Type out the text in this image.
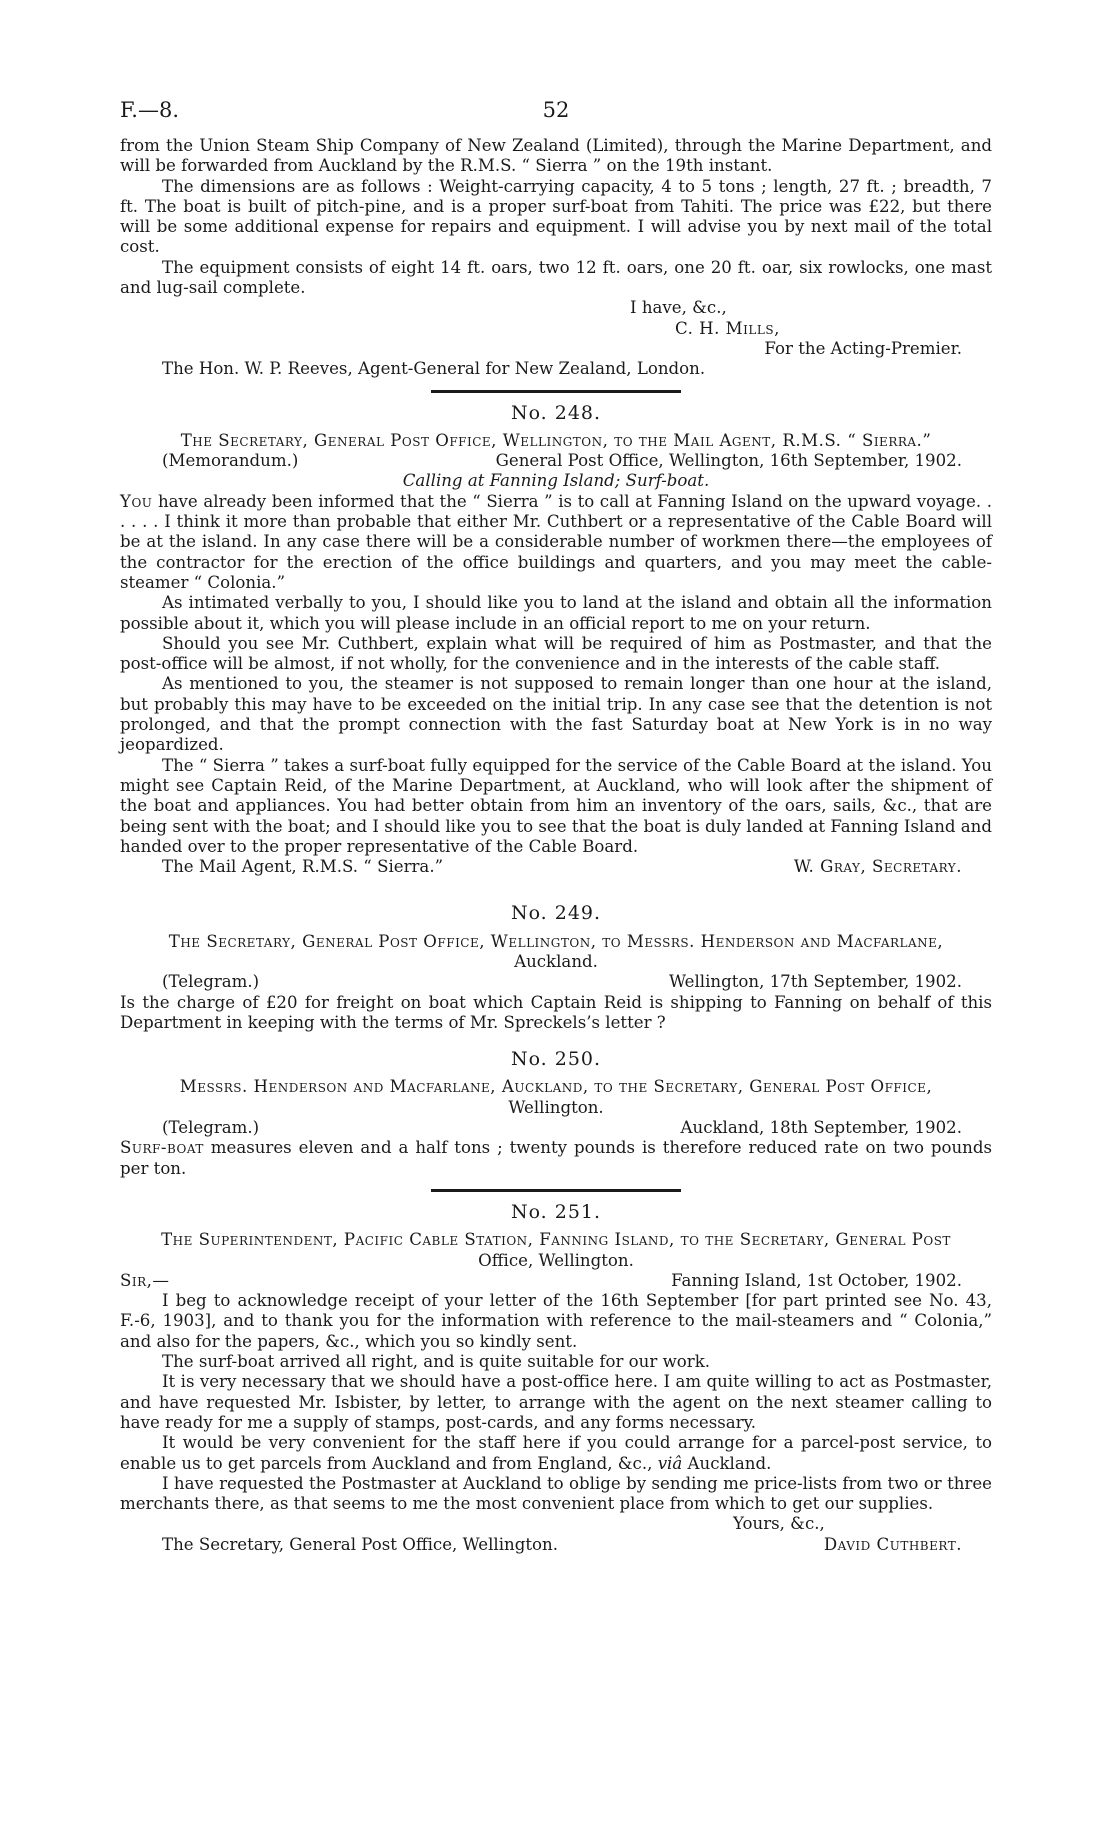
F.—8.	52

from the Union Steam Ship Company of New Zealand (Limited), through the Marine Department, and will be forwarded from Auckland by the R.M.S. “ Sierra ” on the 19th instant.

The dimensions are as follows : Weight-carrying capacity, 4 to 5 tons ; length, 27 ft. ; breadth, 7 ft. The boat is built of pitch-pine, and is a proper surf-boat from Tahiti. The price was £22, but there will be some additional expense for repairs and equipment. I will advise you by next mail of the total cost.

The equipment consists of eight 14 ft. oars, two 12 ft. oars, one 20 ft. oar, six rowlocks, one mast and lug-sail complete.

I have, &c.,
C. H. Mills,
For the Acting-Premier.
The Hon. W. P. Reeves, Agent-General for New Zealand, London.
No. 248.
The Secretary, General Post Office, Wellington, to the Mail Agent, R.M.S. “ Sierra.”
(Memorandum.)	General Post Office, Wellington, 16th September, 1902.
Calling at Fanning Island; Surf-boat.

You have already been informed that the “ Sierra ” is to call at Fanning Island on the upward voyage. . . . . . I think it more than probable that either Mr. Cuthbert or a representative of the Cable Board will be at the island. In any case there will be a considerable number of workmen there—the employees of the contractor for the erection of the office buildings and quarters, and you may meet the cable-steamer “ Colonia.”

As intimated verbally to you, I should like you to land at the island and obtain all the information possible about it, which you will please include in an official report to me on your return.

Should you see Mr. Cuthbert, explain what will be required of him as Postmaster, and that the post-office will be almost, if not wholly, for the convenience and in the interests of the cable staff.

As mentioned to you, the steamer is not supposed to remain longer than one hour at the island, but probably this may have to be exceeded on the initial trip. In any case see that the detention is not prolonged, and that the prompt connection with the fast Saturday boat at New York is in no way jeopardized.

The “ Sierra ” takes a surf-boat fully equipped for the service of the Cable Board at the island. You might see Captain Reid, of the Marine Department, at Auckland, who will look after the shipment of the boat and appliances. You had better obtain from him an inventory of the oars, sails, &c., that are being sent with the boat; and I should like you to see that the boat is duly landed at Fanning Island and handed over to the proper representative of the Cable Board.

The Mail Agent, R.M.S. “ Sierra.”	W. Gray, Secretary.
No. 249.
The Secretary, General Post Office, Wellington, to Messrs. Henderson and Macfarlane,
Auckland.
(Telegram.)	Wellington, 17th September, 1902.

Is the charge of £20 for freight on boat which Captain Reid is shipping to Fanning on behalf of this Department in keeping with the terms of Mr. Spreckels’s letter ?

No. 250.
Messrs. Henderson and Macfarlane, Auckland, to the Secretary, General Post Office,
Wellington.
(Telegram.)	Auckland, 18th September, 1902.

Surf-boat measures eleven and a half tons ; twenty pounds is therefore reduced rate on two pounds per ton.

No. 251.
The Superintendent, Pacific Cable Station, Fanning Island, to the Secretary, General Post
Office, Wellington.
Sir,—	Fanning Island, 1st October, 1902.

I beg to acknowledge receipt of your letter of the 16th September [for part printed see No. 43, F.-6, 1903], and to thank you for the information with reference to the mail-steamers and “ Colonia,” and also for the papers, &c., which you so kindly sent.

The surf-boat arrived all right, and is quite suitable for our work.

It is very necessary that we should have a post-office here. I am quite willing to act as Postmaster, and have requested Mr. Isbister, by letter, to arrange with the agent on the next steamer calling to have ready for me a supply of stamps, post-cards, and any forms necessary.

It would be very convenient for the staff here if you could arrange for a parcel-post service, to enable us to get parcels from Auckland and from England, &c., viâ Auckland.

I have requested the Postmaster at Auckland to oblige by sending me price-lists from two or three merchants there, as that seems to me the most convenient place from which to get our supplies.

Yours, &c.,
The Secretary, General Post Office, Wellington.	David Cuthbert.
